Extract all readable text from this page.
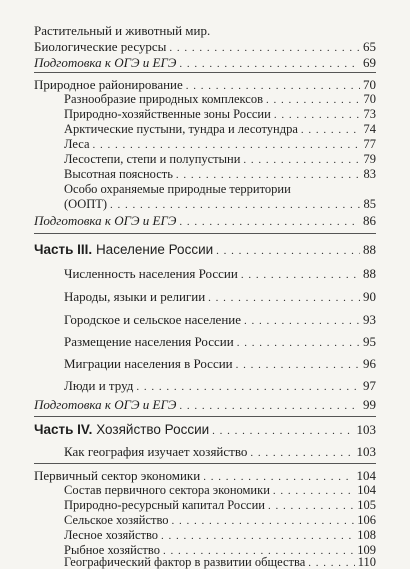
Растительный и животный мир.
Биологические ресурсы . . .	65
Подготовка к ОГЭ и ЕГЭ . . .	69
Природное районирование . . .	70
Разнообразие природных комплексов . . .	70
Природно-хозяйственные зоны России . . .	73
Арктические пустыни, тундра и лесотундра . . .	74
Леса . . .	77
Лесостепи, степи и полупустыни . . .	79
Высотная поясность . . .	83
Особо охраняемые природные территории
(ООПТ) . . .	85
Подготовка к ОГЭ и ЕГЭ . . .	86
Часть III. Население России . . .	88
Численность населения России . . .	88
Народы, языки и религии . . .	90
Городское и сельское население . . .	93
Размещение населения России . . .	95
Миграции населения в России . . .	96
Люди и труд . . .	97
Подготовка к ОГЭ и ЕГЭ . . .	99
Часть IV. Хозяйство России . . .	103
Как география изучает хозяйство . . .	103
Первичный сектор экономики . . .	104
Состав первичного сектора экономики . . .	104
Природно-ресурсный капитал России . . .	105
Сельское хозяйство . . .	106
Лесное хозяйство . . .	108
Рыбное хозяйство . . .	109
Географический фактор в развитии общества . . .	110
